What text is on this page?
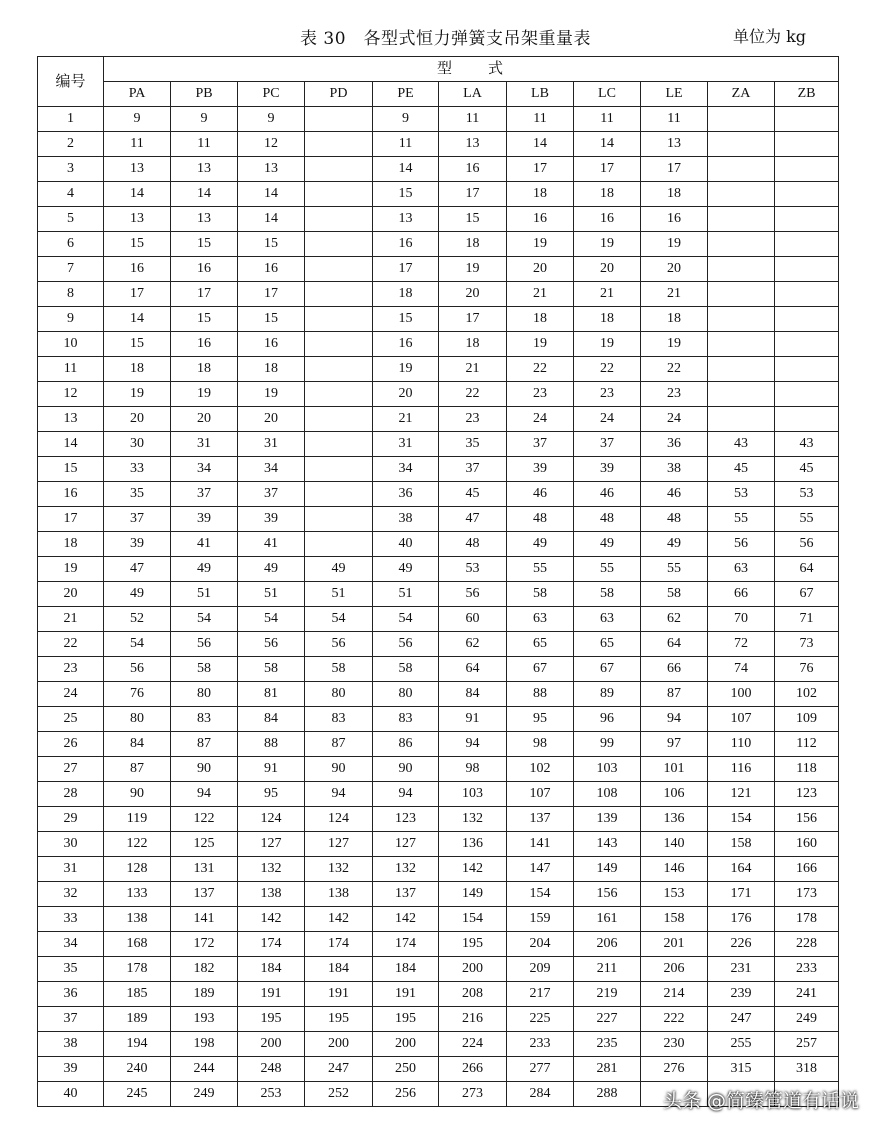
表 30　各型式恒力弹簧支吊架重量表	单位为 kg
编号	型　　式										
	PA	PB	PC	PD	PE	LA	LB	LC	LE	ZA	ZB
1	9	9	9		9	11	11	11	11		
2	11	11	12		11	13	14	14	13		
3	13	13	13		14	16	17	17	17		
4	14	14	14		15	17	18	18	18		
5	13	13	14		13	15	16	16	16		
6	15	15	15		16	18	19	19	19		
7	16	16	16		17	19	20	20	20		
8	17	17	17		18	20	21	21	21		
9	14	15	15		15	17	18	18	18		
10	15	16	16		16	18	19	19	19		
11	18	18	18		19	21	22	22	22		
12	19	19	19		20	22	23	23	23		
13	20	20	20		21	23	24	24	24		
14	30	31	31		31	35	37	37	36	43	43
15	33	34	34		34	37	39	39	38	45	45
16	35	37	37		36	45	46	46	46	53	53
17	37	39	39		38	47	48	48	48	55	55
18	39	41	41		40	48	49	49	49	56	56
19	47	49	49	49	49	53	55	55	55	63	64
20	49	51	51	51	51	56	58	58	58	66	67
21	52	54	54	54	54	60	63	63	62	70	71
22	54	56	56	56	56	62	65	65	64	72	73
23	56	58	58	58	58	64	67	67	66	74	76
24	76	80	81	80	80	84	88	89	87	100	102
25	80	83	84	83	83	91	95	96	94	107	109
26	84	87	88	87	86	94	98	99	97	110	112
27	87	90	91	90	90	98	102	103	101	116	118
28	90	94	95	94	94	103	107	108	106	121	123
29	119	122	124	124	123	132	137	139	136	154	156
30	122	125	127	127	127	136	141	143	140	158	160
31	128	131	132	132	132	142	147	149	146	164	166
32	133	137	138	138	137	149	154	156	153	171	173
33	138	141	142	142	142	154	159	161	158	176	178
34	168	172	174	174	174	195	204	206	201	226	228
35	178	182	184	184	184	200	209	211	206	231	233
36	185	189	191	191	191	208	217	219	214	239	241
37	189	193	195	195	195	216	225	227	222	247	249
38	194	198	200	200	200	224	233	235	230	255	257
39	240	244	248	247	250	266	277	281	276	315	318
40	245	249	253	252	256	273	284	288			头条 @简臻管道有话说
